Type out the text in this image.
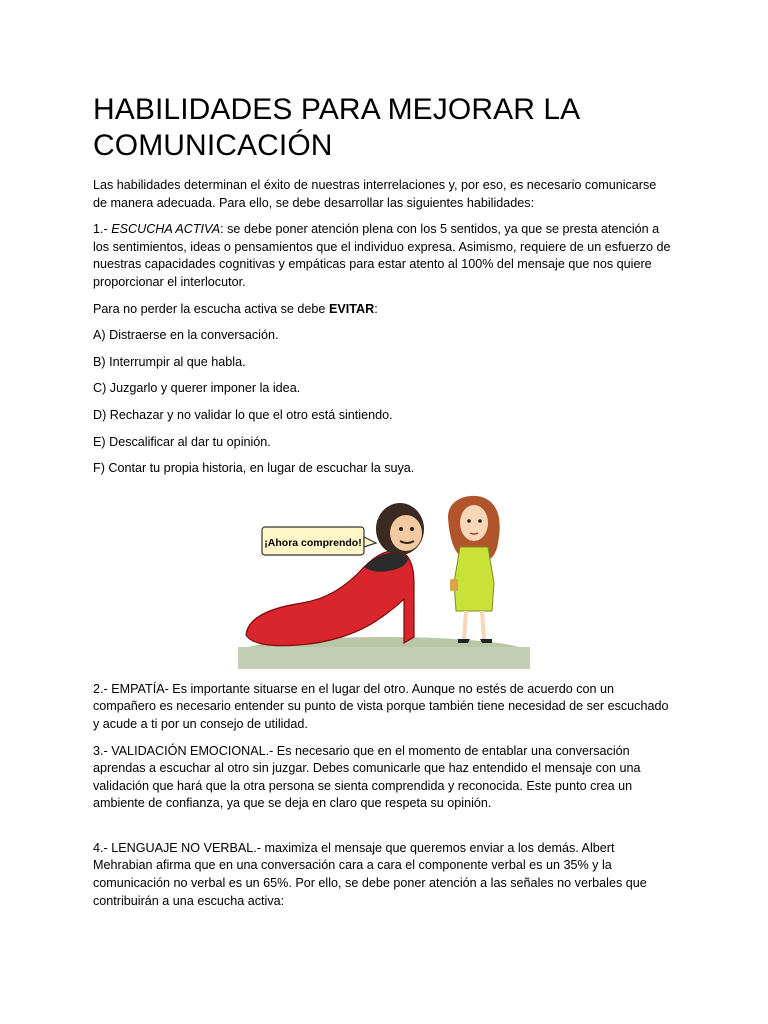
HABILIDADES PARA MEJORAR LA
COMUNICACIÓN

Las habilidades determinan el éxito de nuestras interrelaciones y, por eso, es necesario comunicarse de manera adecuada. Para ello, se debe desarrollar las siguientes habilidades:

1.- ESCUCHA ACTIVA: se debe poner atención plena con los 5 sentidos, ya que se presta atención a los sentimientos, ideas o pensamientos que el individuo expresa. Asimismo, requiere de un esfuerzo de nuestras capacidades cognitivas y empáticas para estar atento al 100% del mensaje que nos quiere proporcionar el interlocutor.

Para no perder la escucha activa se debe EVITAR:

A) Distraerse en la conversación.

B) Interrumpir al que habla.

C) Juzgarlo y querer imponer la idea.

D) Rechazar y no validar lo que el otro está sintiendo.

E) Descalificar al dar tu opinión.

F) Contar tu propia historia, en lugar de escuchar la suya.

¡Ahora comprendo!

2.- EMPATÍA- Es importante situarse en el lugar del otro. Aunque no estés de acuerdo con un compañero es necesario entender su punto de vista porque también tiene necesidad de ser escuchado y acude a ti por un consejo de utilidad.

3.- VALIDACIÓN EMOCIONAL.- Es necesario que en el momento de entablar una conversación aprendas a escuchar al otro sin juzgar. Debes comunicarle que haz entendido el mensaje con una validación que hará que la otra persona se sienta comprendida y reconocida. Este punto crea un ambiente de confianza, ya que se deja en claro que respeta su opinión.

4.- LENGUAJE NO VERBAL.- maximiza el mensaje que queremos enviar a los demás. Albert Mehrabian afirma que en una conversación cara a cara el componente verbal es un 35% y la comunicación no verbal es un 65%. Por ello, se debe poner atención a las señales no verbales que contribuirán a una escucha activa:
